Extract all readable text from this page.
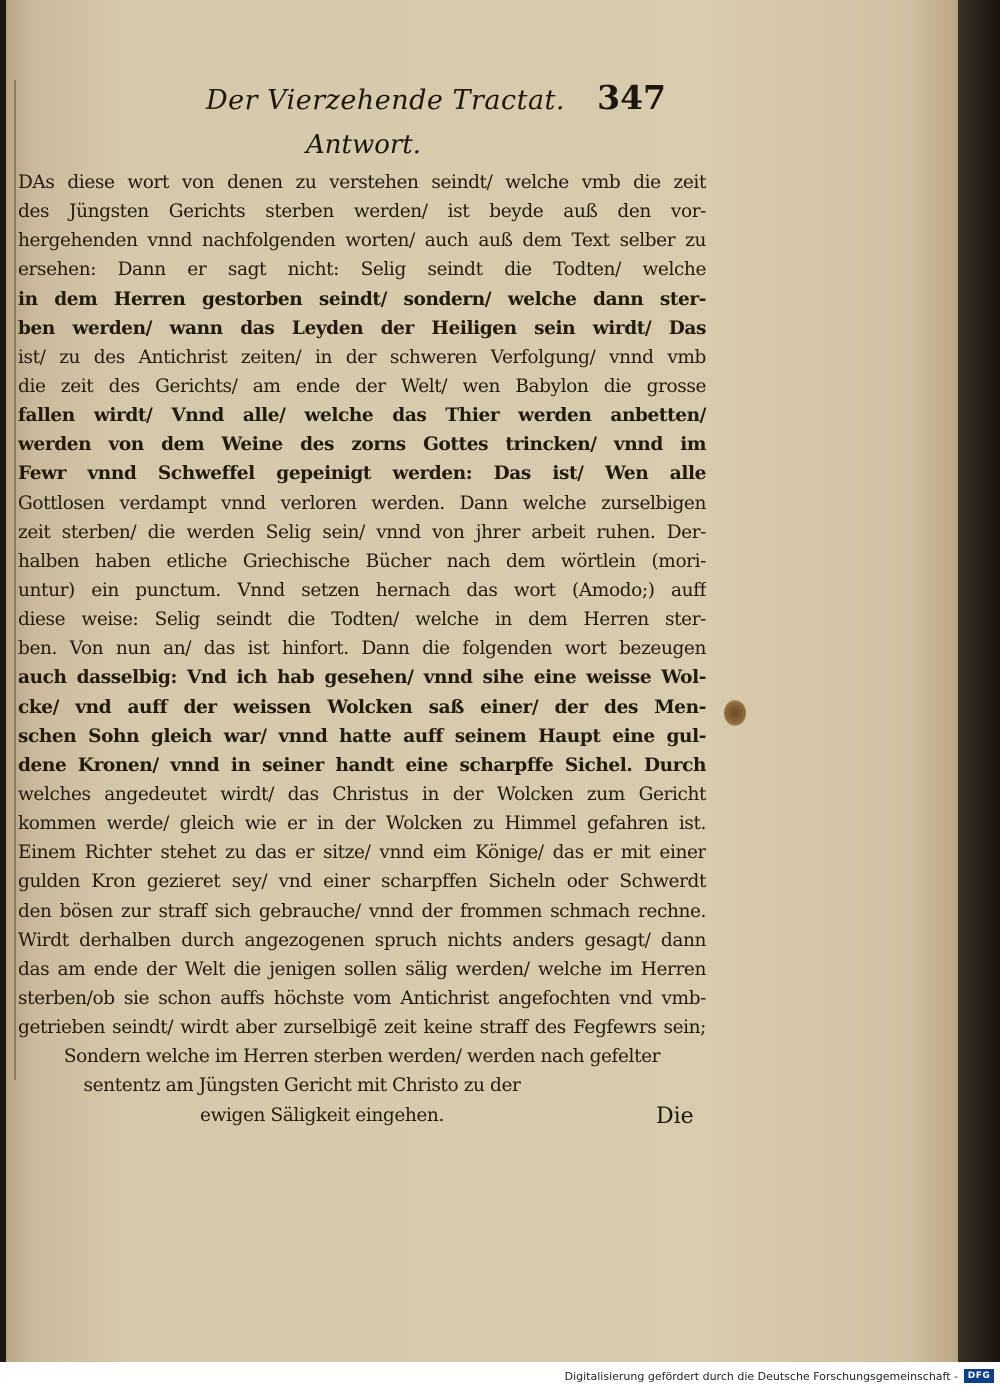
Der Vierzehende Tractat. 347
Antwort.
DAs diese wort von denen zu verstehen seindt/ welche vmb die zeit
des Jüngsten Gerichts sterben werden/ ist beyde auß den vor-
hergehenden vnnd nachfolgenden worten/ auch auß dem Text selber zu
ersehen: Dann er sagt nicht: Selig seindt die Todten/ welche
in dem Herren gestorben seindt/ sondern/ welche dann ster-
ben werden/ wann das Leyden der Heiligen sein wirdt/ Das
ist/ zu des Antichrist zeiten/ in der schweren Verfolgung/ vnnd vmb
die zeit des Gerichts/ am ende der Welt/ wen Babylon die grosse
fallen wirdt/ Vnnd alle/ welche das Thier werden anbetten/
werden von dem Weine des zorns Gottes trincken/ vnnd im
Fewr vnnd Schweffel gepeinigt werden: Das ist/ Wen alle
Gottlosen verdampt vnnd verloren werden. Dann welche zurselbigen
zeit sterben/ die werden Selig sein/ vnnd von jhrer arbeit ruhen. Der-
halben haben etliche Griechische Bücher nach dem wörtlein (mori-
untur) ein punctum. Vnnd setzen hernach das wort (Amodo;) auff
diese weise: Selig seindt die Todten/ welche in dem Herren ster-
ben. Von nun an/ das ist hinfort. Dann die folgenden wort bezeugen
auch dasselbig: Vnd ich hab gesehen/ vnnd sihe eine weisse Wol-
cke/ vnd auff der weissen Wolcken saß einer/ der des Men-
schen Sohn gleich war/ vnnd hatte auff seinem Haupt eine gul-
dene Kronen/ vnnd in seiner handt eine scharpffe Sichel. Durch
welches angedeutet wirdt/ das Christus in der Wolcken zum Gericht
kommen werde/ gleich wie er in der Wolcken zu Himmel gefahren ist.
Einem Richter stehet zu das er sitze/ vnnd eim Könige/ das er mit einer
gulden Kron gezieret sey/ vnd einer scharpffen Sicheln oder Schwerdt
den bösen zur straff sich gebrauche/ vnnd der frommen schmach rechne.
Wirdt derhalben durch angezogenen spruch nichts anders gesagt/ dann
das am ende der Welt die jenigen sollen sälig werden/ welche im Herren
sterben/ob sie schon auffs höchste vom Antichrist angefochten vnd vmb-
getrieben seindt/ wirdt aber zurselbigē zeit keine straff des Fegfewrs sein;
Sondern welche im Herren sterben werden/ werden nach gefelter
sententz am Jüngsten Gericht mit Christo zu der
ewigen Säligkeit eingehen.	Die
Digitalisierung gefördert durch die Deutsche Forschungsgemeinschaft -	DFG
